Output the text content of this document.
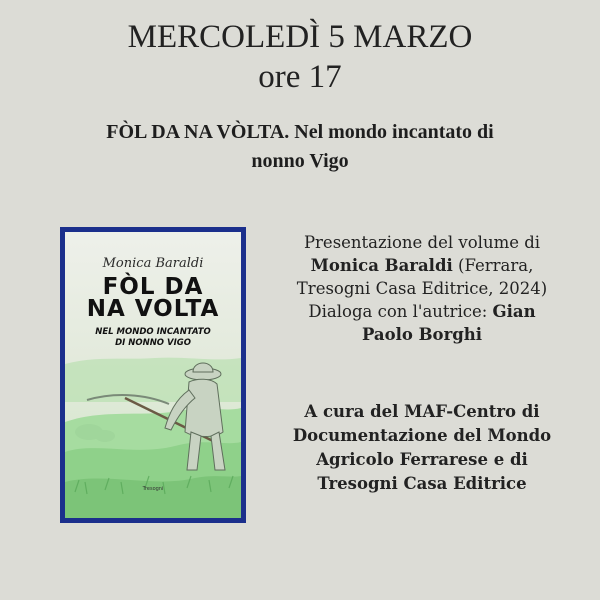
MERCOLEDÌ 5 MARZO
ore 17
FÒL DA NA VÒLTA. Nel mondo incantato di
nonno Vigo
Monica Baraldi
FÒL DA
NA VOLTA
NEL MONDO INCANTATO
DI NONNO VIGO
Tresogni
Presentazione del volume di
Monica Baraldi (Ferrara,
Tresogni Casa Editrice, 2024)
Dialoga con l'autrice: Gian
Paolo Borghi
A cura del MAF-Centro di
Documentazione del Mondo
Agricolo Ferrarese e di
Tresogni Casa Editrice
